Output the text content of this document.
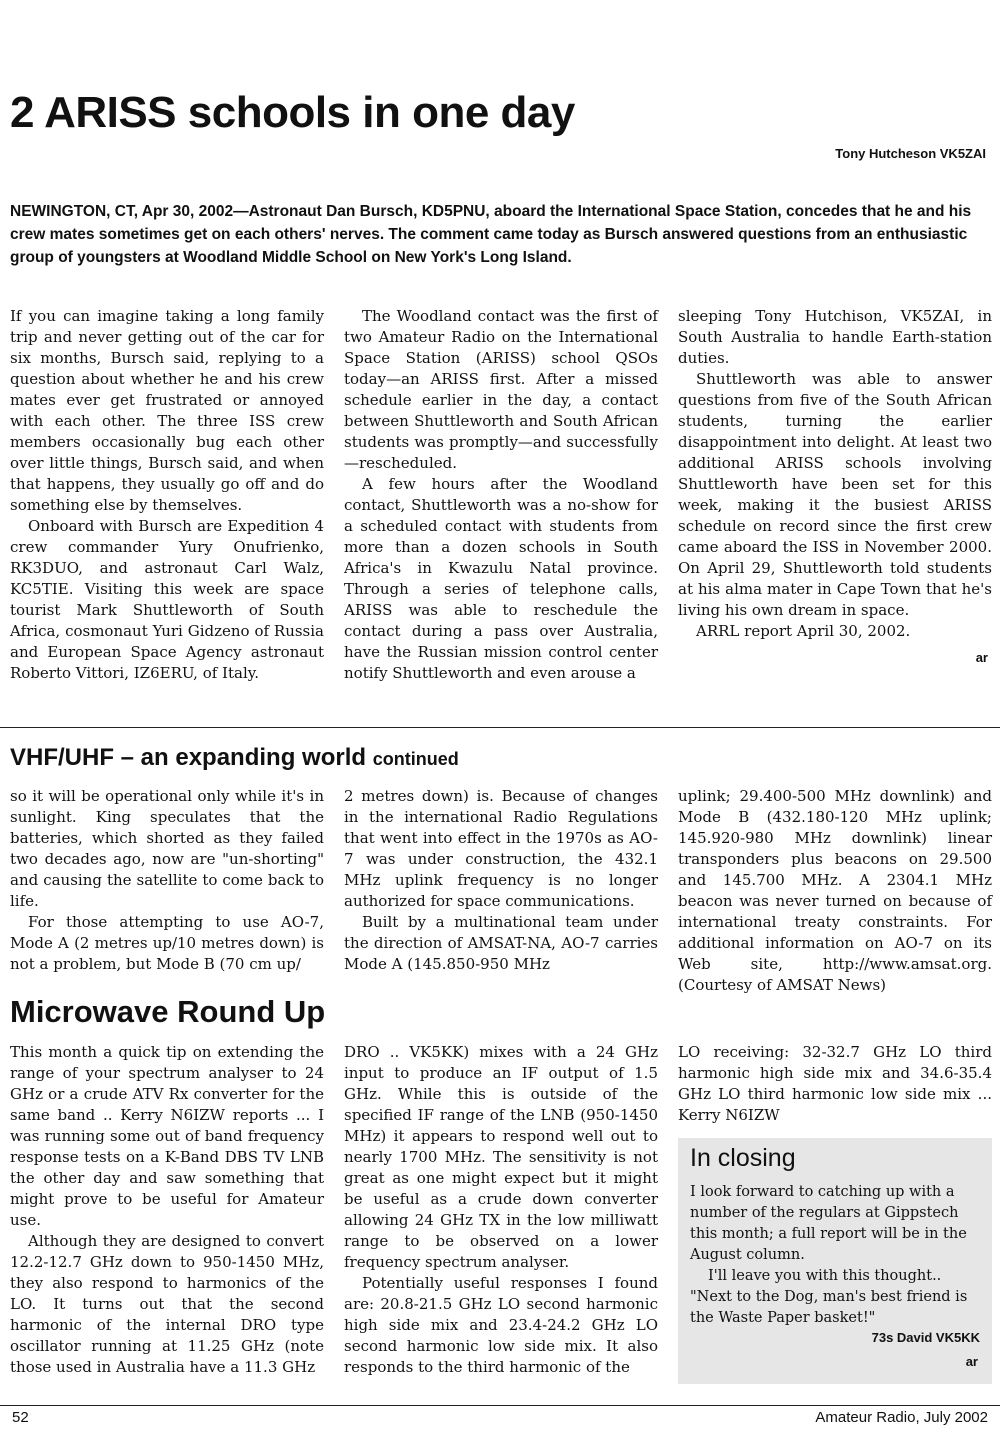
2 ARISS schools in one day
Tony Hutcheson VK5ZAI

NEWINGTON, CT, Apr 30, 2002—Astronaut Dan Bursch, KD5PNU, aboard the International Space Station, concedes that he and his crew mates sometimes get on each others' nerves. The comment came today as Bursch answered questions from an enthusiastic group of youngsters at Woodland Middle School on New York's Long Island.

If you can imagine taking a long family trip and never getting out of the car for six months, Bursch said, replying to a question about whether he and his crew mates ever get frustrated or annoyed with each other. The three ISS crew members occasionally bug each other over little things, Bursch said, and when that happens, they usually go off and do something else by themselves.

Onboard with Bursch are Expedition 4 crew commander Yury Onufrienko, RK3DUO, and astronaut Carl Walz, KC5TIE. Visiting this week are space tourist Mark Shuttleworth of South Africa, cosmonaut Yuri Gidzeno of Russia and European Space Agency astronaut Roberto Vittori, IZ6ERU, of Italy.

The Woodland contact was the first of two Amateur Radio on the International Space Station (ARISS) school QSOs today—an ARISS first. After a missed schedule earlier in the day, a contact between Shuttleworth and South African students was promptly—and successfully—rescheduled.

A few hours after the Woodland contact, Shuttleworth was a no-show for a scheduled contact with students from more than a dozen schools in South Africa's in Kwazulu Natal province. Through a series of telephone calls, ARISS was able to reschedule the contact during a pass over Australia, have the Russian mission control center notify Shuttleworth and even arouse a

sleeping Tony Hutchison, VK5ZAI, in South Australia to handle Earth-station duties.

Shuttleworth was able to answer questions from five of the South African students, turning the earlier disappointment into delight. At least two additional ARISS schools involving Shuttleworth have been set for this week, making it the busiest ARISS schedule on record since the first crew came aboard the ISS in November 2000. On April 29, Shuttleworth told students at his alma mater in Cape Town that he's living his own dream in space.

ARRL report April 30, 2002.

ar
VHF/UHF – an expanding world continued

so it will be operational only while it's in sunlight. King speculates that the batteries, which shorted as they failed two decades ago, now are "un-shorting" and causing the satellite to come back to life.

For those attempting to use AO-7, Mode A (2 metres up/10 metres down) is not a problem, but Mode B (70 cm up/

2 metres down) is. Because of changes in the international Radio Regulations that went into effect in the 1970s as AO-7 was under construction, the 432.1 MHz uplink frequency is no longer authorized for space communications.

Built by a multinational team under the direction of AMSAT-NA, AO-7 carries Mode A (145.850-950 MHz

uplink; 29.400-500 MHz downlink) and Mode B (432.180-120 MHz uplink; 145.920-980 MHz downlink) linear transponders plus beacons on 29.500 and 145.700 MHz. A 2304.1 MHz beacon was never turned on because of international treaty constraints. For additional information on AO-7 on its Web site, http://www.amsat.org. (Courtesy of AMSAT News)

Microwave Round Up

This month a quick tip on extending the range of your spectrum analyser to 24 GHz or a crude ATV Rx converter for the same band .. Kerry N6IZW reports ... I was running some out of band frequency response tests on a K-Band DBS TV LNB the other day and saw something that might prove to be useful for Amateur use.

Although they are designed to convert 12.2-12.7 GHz down to 950-1450 MHz, they also respond to harmonics of the LO. It turns out that the second harmonic of the internal DRO type oscillator running at 11.25 GHz (note those used in Australia have a 11.3 GHz

DRO .. VK5KK) mixes with a 24 GHz input to produce an IF output of 1.5 GHz. While this is outside of the specified IF range of the LNB (950-1450 MHz) it appears to respond well out to nearly 1700 MHz. The sensitivity is not great as one might expect but it might be useful as a crude down converter allowing 24 GHz TX in the low milliwatt range to be observed on a lower frequency spectrum analyser.

Potentially useful responses I found are: 20.8-21.5 GHz LO second harmonic high side mix and 23.4-24.2 GHz LO second harmonic low side mix. It also responds to the third harmonic of the

LO receiving: 32-32.7 GHz LO third harmonic high side mix and 34.6-35.4 GHz LO third harmonic low side mix ... Kerry N6IZW

In closing

I look forward to catching up with a number of the regulars at Gippstech this month; a full report will be in the August column.

I'll leave you with this thought.. "Next to the Dog, man's best friend is the Waste Paper basket!"

73s David VK5KK
ar
52	Amateur Radio, July 2002
